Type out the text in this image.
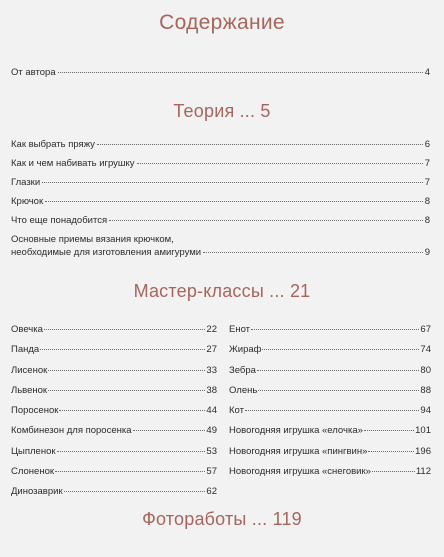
Содержание
От автора	4
Теория ... 5
Как выбрать пряжу	6
Как и чем набивать игрушку	7
Глазки	7
Крючок	8
Что еще понадобится	8
Основные приемы вязания крючком,
необходимые для изготовления амигуруми	9
Мастер-классы ... 21
Овечка	22
Панда	27
Лисенок	33
Львенок	38
Поросенок	44
Комбинезон для поросенка	49
Цыпленок	53
Слоненок	57
Динозаврик	62
Енот	67
Жираф	74
Зебра	80
Олень	88
Кот	94
Новогодняя игрушка «елочка»	101
Новогодняя игрушка «пингвин»	196
Новогодняя игрушка «снеговик»	112
Фоторaботы ... 119
